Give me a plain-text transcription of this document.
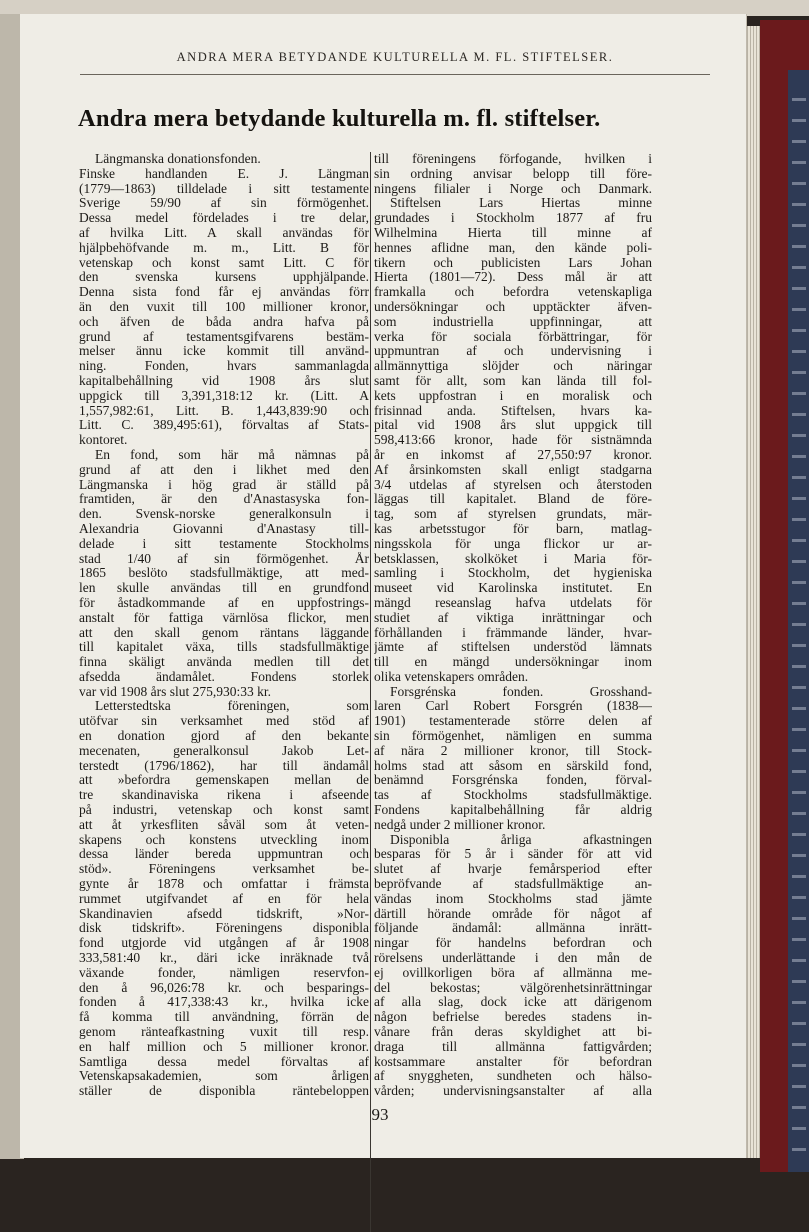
ANDRA MERA BETYDANDE KULTURELLA M. FL. STIFTELSER.
Andra mera betydande kulturella m. fl. stiftelser.
Längmanska donationsfonden.
Finske handlanden E. J. Längman
(1779—1863) tilldelade i sitt testamente
Sverige 59/90 af sin förmögenhet.
Dessa medel fördelades i tre delar,
af hvilka Litt. A skall användas för
hjälpbehöfvande m. m., Litt. B för
vetenskap och konst samt Litt. C för
den svenska kursens upphjälpande.
Denna sista fond får ej användas förr
än den vuxit till 100 millioner kronor,
och äfven de båda andra hafva på
grund af testamentsgifvarens bestäm-
melser ännu icke kommit till använd-
ning. Fonden, hvars sammanlagda
kapitalbehållning vid 1908 års slut
uppgick till 3,391,318:12 kr. (Litt. A
1,557,982:61, Litt. B. 1,443,839:90 och
Litt. C. 389,495:61), förvaltas af Stats-
kontoret.
En fond, som här må nämnas på
grund af att den i likhet med den
Längmanska i hög grad är ställd på
framtiden, är den d'Anastasyska fon-
den. Svensk-norske generalkonsuln i
Alexandria Giovanni d'Anastasy till-
delade i sitt testamente Stockholms
stad 1/40 af sin förmögenhet. År
1865 beslöto stadsfullmäktige, att med-
len skulle användas till en grundfond
för åstadkommande af en uppfostrings-
anstalt för fattiga värnlösa flickor, men
att den skall genom räntans läggande
till kapitalet växa, tills stadsfullmäktige
finna skäligt använda medlen till det
afsedda ändamålet. Fondens storlek
var vid 1908 års slut 275,930:33 kr.
Letterstedtska föreningen, som
utöfvar sin verksamhet med stöd af
en donation gjord af den bekante
mecenaten, generalkonsul Jakob Let-
terstedt (1796/1862), har till ändamål
att »befordra gemenskapen mellan de
tre skandinaviska rikena i afseende
på industri, vetenskap och konst samt
att åt yrkesfliten såväl som åt veten-
skapens och konstens utveckling inom
dessa länder bereda uppmuntran och
stöd». Föreningens verksamhet be-
gynte år 1878 och omfattar i främsta
rummet utgifvandet af en för hela
Skandinavien afsedd tidskrift, »Nor-
disk tidskrift». Föreningens disponibla
fond utgjorde vid utgången af år 1908
333,581:40 kr., däri icke inräknade två
växande fonder, nämligen reservfon-
den å 96,026:78 kr. och besparings-
fonden å 417,338:43 kr., hvilka icke
få komma till användning, förrän de
genom ränteafkastning vuxit till resp.
en half million och 5 millioner kronor.
Samtliga dessa medel förvaltas af
Vetenskapsakademien, som årligen
ställer de disponibla räntebeloppen
till föreningens förfogande, hvilken i
sin ordning anvisar belopp till före-
ningens filialer i Norge och Danmark.
Stiftelsen Lars Hiertas minne
grundades i Stockholm 1877 af fru
Wilhelmina Hierta till minne af
hennes aflidne man, den kände poli-
tikern och publicisten Lars Johan
Hierta (1801—72). Dess mål är att
framkalla och befordra vetenskapliga
undersökningar och upptäckter äfven-
som industriella uppfinningar, att
verka för sociala förbättringar, för
uppmuntran af och undervisning i
allmännyttiga slöjder och näringar
samt för allt, som kan lända till fol-
kets uppfostran i en moralisk och
frisinnad anda. Stiftelsen, hvars ka-
pital vid 1908 års slut uppgick till
598,413:66 kronor, hade för sistnämnda
år en inkomst af 27,550:97 kronor.
Af årsinkomsten skall enligt stadgarna
3/4 utdelas af styrelsen och återstoden
läggas till kapitalet. Bland de före-
tag, som af styrelsen grundats, mär-
kas arbetsstugor för barn, matlag-
ningsskola för unga flickor ur ar-
betsklassen, skolköket i Maria för-
samling i Stockholm, det hygieniska
museet vid Karolinska institutet. En
mängd reseanslag hafva utdelats för
studiet af viktiga inrättningar och
förhållanden i främmande länder, hvar-
jämte af stiftelsen understöd lämnats
till en mängd undersökningar inom
olika vetenskapers områden.
Forsgrénska fonden. Grosshand-
laren Carl Robert Forsgrén (1838—
1901) testamenterade större delen af
sin förmögenhet, nämligen en summa
af nära 2 millioner kronor, till Stock-
holms stad att såsom en särskild fond,
benämnd Forsgrénska fonden, förval-
tas af Stockholms stadsfullmäktige.
Fondens kapitalbehållning får aldrig
nedgå under 2 millioner kronor.
Disponibla årliga afkastningen
besparas för 5 år i sänder för att vid
slutet af hvarje femårsperiod efter
bepröfvande af stadsfullmäktige an-
vändas inom Stockholms stad jämte
därtill hörande område för något af
följande ändamål: allmänna inrätt-
ningar för handelns befordran och
rörelsens underlättande i den mån de
ej ovillkorligen böra af allmänna me-
del bekostas; välgörenhetsinrättningar
af alla slag, dock icke att därigenom
någon befrielse beredes stadens in-
vånare från deras skyldighet att bi-
draga till allmänna fattigvården;
kostsammare anstalter för befordran
af snyggheten, sundheten och hälso-
vården; undervisningsanstalter af alla
93
